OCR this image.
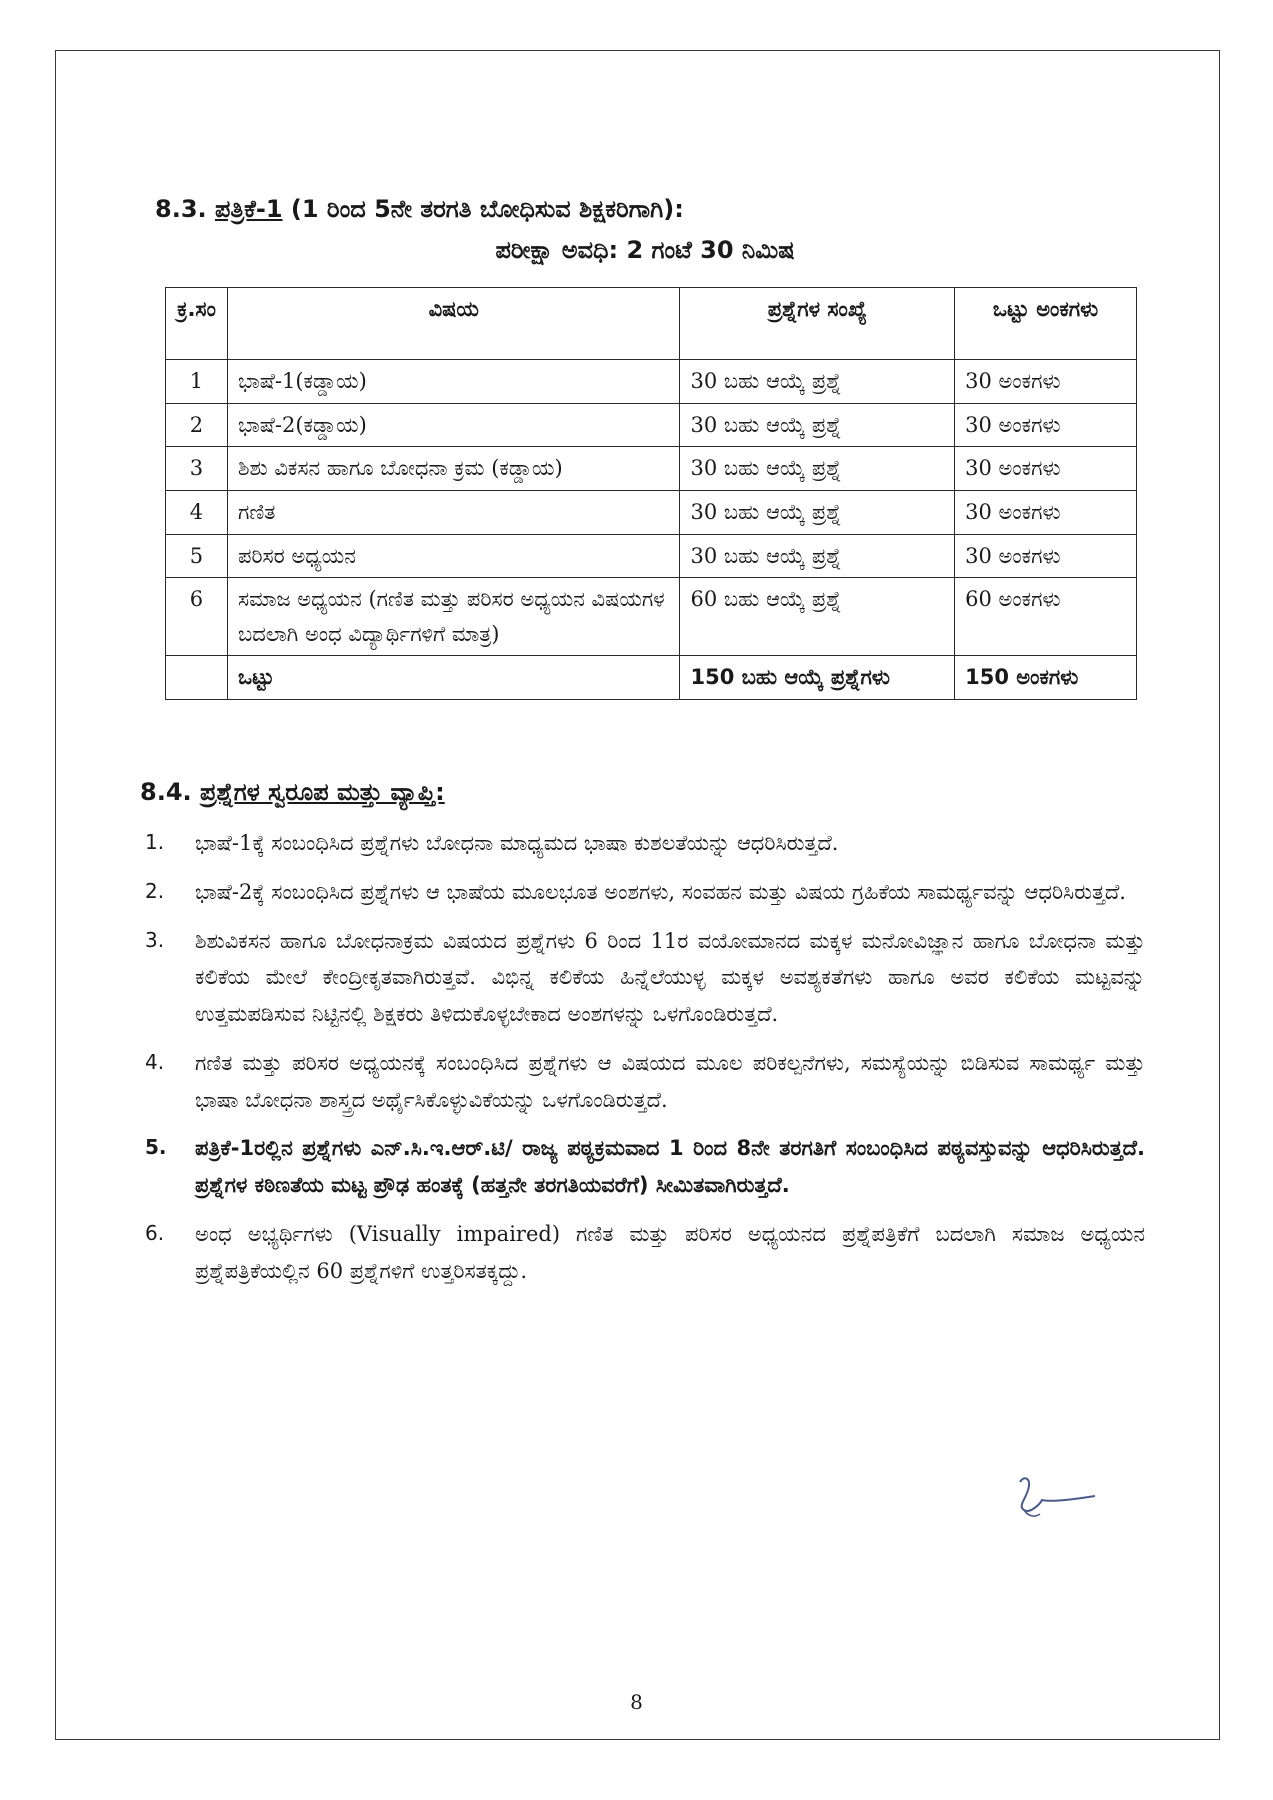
8.3. ಪತ್ರಿಕೆ-1 (1 ರಿಂದ 5ನೇ ತರಗತಿ ಬೋಧಿಸುವ ಶಿಕ್ಷಕರಿಗಾಗಿ):
ಪರೀಕ್ಷಾ ಅವಧಿ: 2 ಗಂಟೆ 30 ನಿಮಿಷ
ಕ್ರ.ಸಂ	ವಿಷಯ	ಪ್ರಶ್ನೆಗಳ ಸಂಖ್ಯೆ	ಒಟ್ಟು ಅಂಕಗಳು
1	ಭಾಷೆ-1(ಕಡ್ಡಾಯ)	30 ಬಹು ಆಯ್ಕೆ ಪ್ರಶ್ನೆ	30 ಅಂಕಗಳು
2	ಭಾಷೆ-2(ಕಡ್ಡಾಯ)	30 ಬಹು ಆಯ್ಕೆ ಪ್ರಶ್ನೆ	30 ಅಂಕಗಳು
3	ಶಿಶು ವಿಕಸನ ಹಾಗೂ ಬೋಧನಾ ಕ್ರಮ (ಕಡ್ಡಾಯ)	30 ಬಹು ಆಯ್ಕೆ ಪ್ರಶ್ನೆ	30 ಅಂಕಗಳು
4	ಗಣಿತ	30 ಬಹು ಆಯ್ಕೆ ಪ್ರಶ್ನೆ	30 ಅಂಕಗಳು
5	ಪರಿಸರ ಅಧ್ಯಯನ	30 ಬಹು ಆಯ್ಕೆ ಪ್ರಶ್ನೆ	30 ಅಂಕಗಳು
6	ಸಮಾಜ ಅಧ್ಯಯನ (ಗಣಿತ ಮತ್ತು ಪರಿಸರ ಅಧ್ಯಯನ ವಿಷಯಗಳ ಬದಲಾಗಿ ಅಂಧ ವಿದ್ಯಾರ್ಥಿಗಳಿಗೆ ಮಾತ್ರ)	60 ಬಹು ಆಯ್ಕೆ ಪ್ರಶ್ನೆ	60 ಅಂಕಗಳು
	ಒಟ್ಟು	150 ಬಹು ಆಯ್ಕೆ ಪ್ರಶ್ನೆಗಳು	150 ಅಂಕಗಳು
8.4. ಪ್ರಶ್ನೆಗಳ ಸ್ವರೂಪ ಮತ್ತು ವ್ಯಾಪ್ತಿ:
1. ಭಾಷೆ-1ಕ್ಕೆ ಸಂಬಂಧಿಸಿದ ಪ್ರಶ್ನೆಗಳು ಬೋಧನಾ ಮಾಧ್ಯಮದ ಭಾಷಾ ಕುಶಲತೆಯನ್ನು ಆಧರಿಸಿರುತ್ತದೆ.
2. ಭಾಷೆ-2ಕ್ಕೆ ಸಂಬಂಧಿಸಿದ ಪ್ರಶ್ನೆಗಳು ಆ ಭಾಷೆಯ ಮೂಲಭೂತ ಅಂಶಗಳು, ಸಂವಹನ ಮತ್ತು ವಿಷಯ ಗ್ರಹಿಕೆಯ ಸಾಮರ್ಥ್ಯವನ್ನು ಆಧರಿಸಿರುತ್ತದೆ.
3. ಶಿಶುವಿಕಸನ ಹಾಗೂ ಬೋಧನಾಕ್ರಮ ವಿಷಯದ ಪ್ರಶ್ನೆಗಳು 6 ರಿಂದ 11ರ ವಯೋಮಾನದ ಮಕ್ಕಳ ಮನೋವಿಜ್ಞಾನ ಹಾಗೂ ಬೋಧನಾ ಮತ್ತು ಕಲಿಕೆಯ ಮೇಲೆ ಕೇಂದ್ರೀಕೃತವಾಗಿರುತ್ತವೆ. ವಿಭಿನ್ನ ಕಲಿಕೆಯ ಹಿನ್ನೆಲೆಯುಳ್ಳ ಮಕ್ಕಳ ಅವಶ್ಯಕತೆಗಳು ಹಾಗೂ ಅವರ ಕಲಿಕೆಯ ಮಟ್ಟವನ್ನು ಉತ್ತಮಪಡಿಸುವ ನಿಟ್ಟಿನಲ್ಲಿ ಶಿಕ್ಷಕರು ತಿಳಿದುಕೊಳ್ಳಬೇಕಾದ ಅಂಶಗಳನ್ನು ಒಳಗೊಂಡಿರುತ್ತದೆ.
4. ಗಣಿತ ಮತ್ತು ಪರಿಸರ ಅಧ್ಯಯನಕ್ಕೆ ಸಂಬಂಧಿಸಿದ ಪ್ರಶ್ನೆಗಳು ಆ ವಿಷಯದ ಮೂಲ ಪರಿಕಲ್ಪನೆಗಳು, ಸಮಸ್ಯೆಯನ್ನು ಬಿಡಿಸುವ ಸಾಮರ್ಥ್ಯ ಮತ್ತು ಭಾಷಾ ಬೋಧನಾ ಶಾಸ್ತ್ರದ ಅರ್ಥೈಸಿಕೊಳ್ಳುವಿಕೆಯನ್ನು ಒಳಗೊಂಡಿರುತ್ತದೆ.
5. ಪತ್ರಿಕೆ-1ರಲ್ಲಿನ ಪ್ರಶ್ನೆಗಳು ಎನ್.ಸಿ.ಇ.ಆರ್.ಟಿ/ ರಾಜ್ಯ ಪಠ್ಯಕ್ರಮವಾದ 1 ರಿಂದ 8ನೇ ತರಗತಿಗೆ ಸಂಬಂಧಿಸಿದ ಪಠ್ಯವಸ್ತುವನ್ನು ಆಧರಿಸಿರುತ್ತದೆ. ಪ್ರಶ್ನೆಗಳ ಕಠಿಣತೆಯ ಮಟ್ಟ ಪ್ರೌಢ ಹಂತಕ್ಕೆ (ಹತ್ತನೇ ತರಗತಿಯವರೆಗೆ) ಸೀಮಿತವಾಗಿರುತ್ತದೆ.
6. ಅಂಧ ಅಭ್ಯರ್ಥಿಗಳು (Visually impaired) ಗಣಿತ ಮತ್ತು ಪರಿಸರ ಅಧ್ಯಯನದ ಪ್ರಶ್ನೆಪತ್ರಿಕೆಗೆ ಬದಲಾಗಿ ಸಮಾಜ ಅಧ್ಯಯನ ಪ್ರಶ್ನೆಪತ್ರಿಕೆಯಲ್ಲಿನ 60 ಪ್ರಶ್ನೆಗಳಿಗೆ ಉತ್ತರಿಸತಕ್ಕದ್ದು.
8
